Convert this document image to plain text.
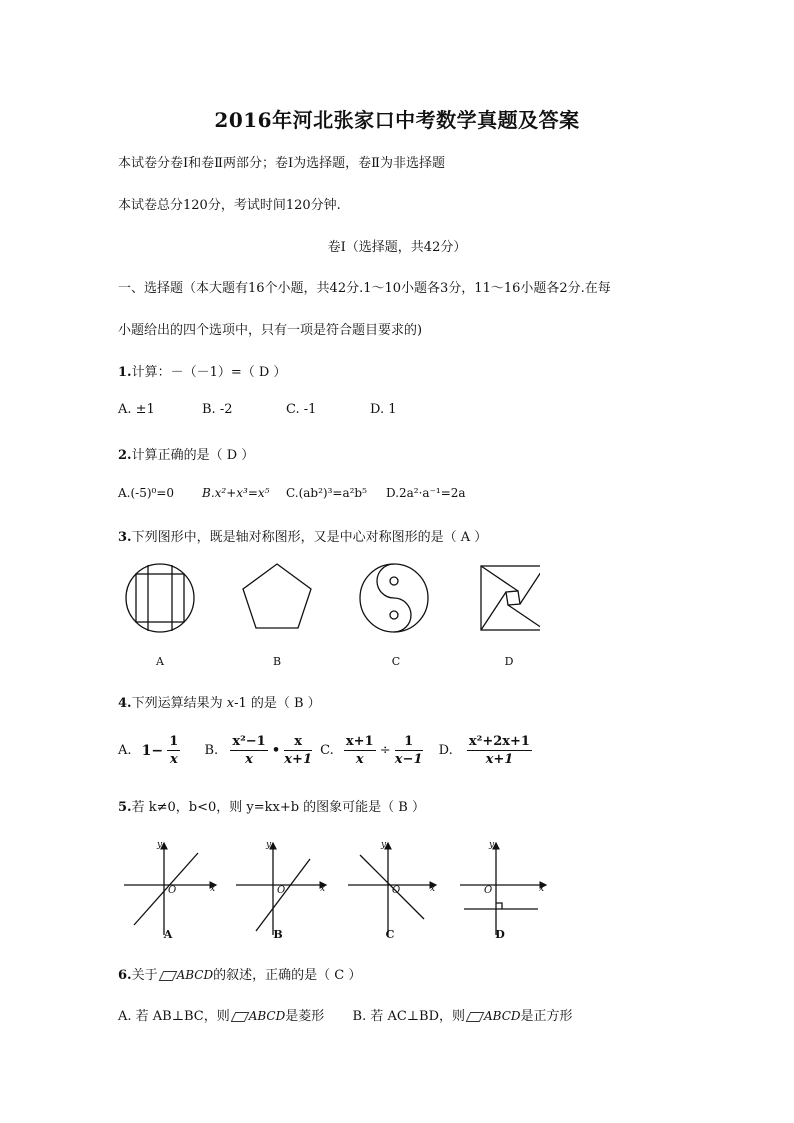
2016年河北张家口中考数学真题及答案
本试卷分卷Ⅰ和卷Ⅱ两部分；卷Ⅰ为选择题，卷Ⅱ为非选择题
本试卷总分120分，考试时间120分钟.
卷Ⅰ（选择题，共42分）
一、选择题（本大题有16个小题，共42分.1～10小题各3分，11～16小题各2分.在每
小题给出的四个选项中，只有一项是符合题目要求的)
1.计算：－（－1）=（ D ）
A. ±1	B. -2	C. -1	D. 1
2.计算正确的是（ D ）
A.(-5)⁰=0 B.x²+x³=x⁵ C.(ab²)³=a²b⁵ D.2a²·a⁻¹=2a
3.下列图形中，既是轴对称图形，又是中心对称图形的是（ A ）
A	B	C	D
4.下列运算结果为 x-1 的是（ B ）
A. $1- \frac{1}{x} B$. $\frac{\text{x²−1}}{x}$ • $\frac{x}{x+1} C$. $\frac{x+1}{x} \div \frac{1}{x-1} D$. $\frac{\text{x²+2x+1}}{x+1}$
5.若 k≠0，b<0，则 y=kx+b 的图象可能是（ B ）
y
x
O
y
x
O
y
x
O
y
x
O
A	B	C	D
6.关于 ABCD的叙述，正确的是（ C ）
A. 若 AB⊥BC，则 ABCD是菱形 B. 若 AC⊥BD，则 ABCD是正方形
